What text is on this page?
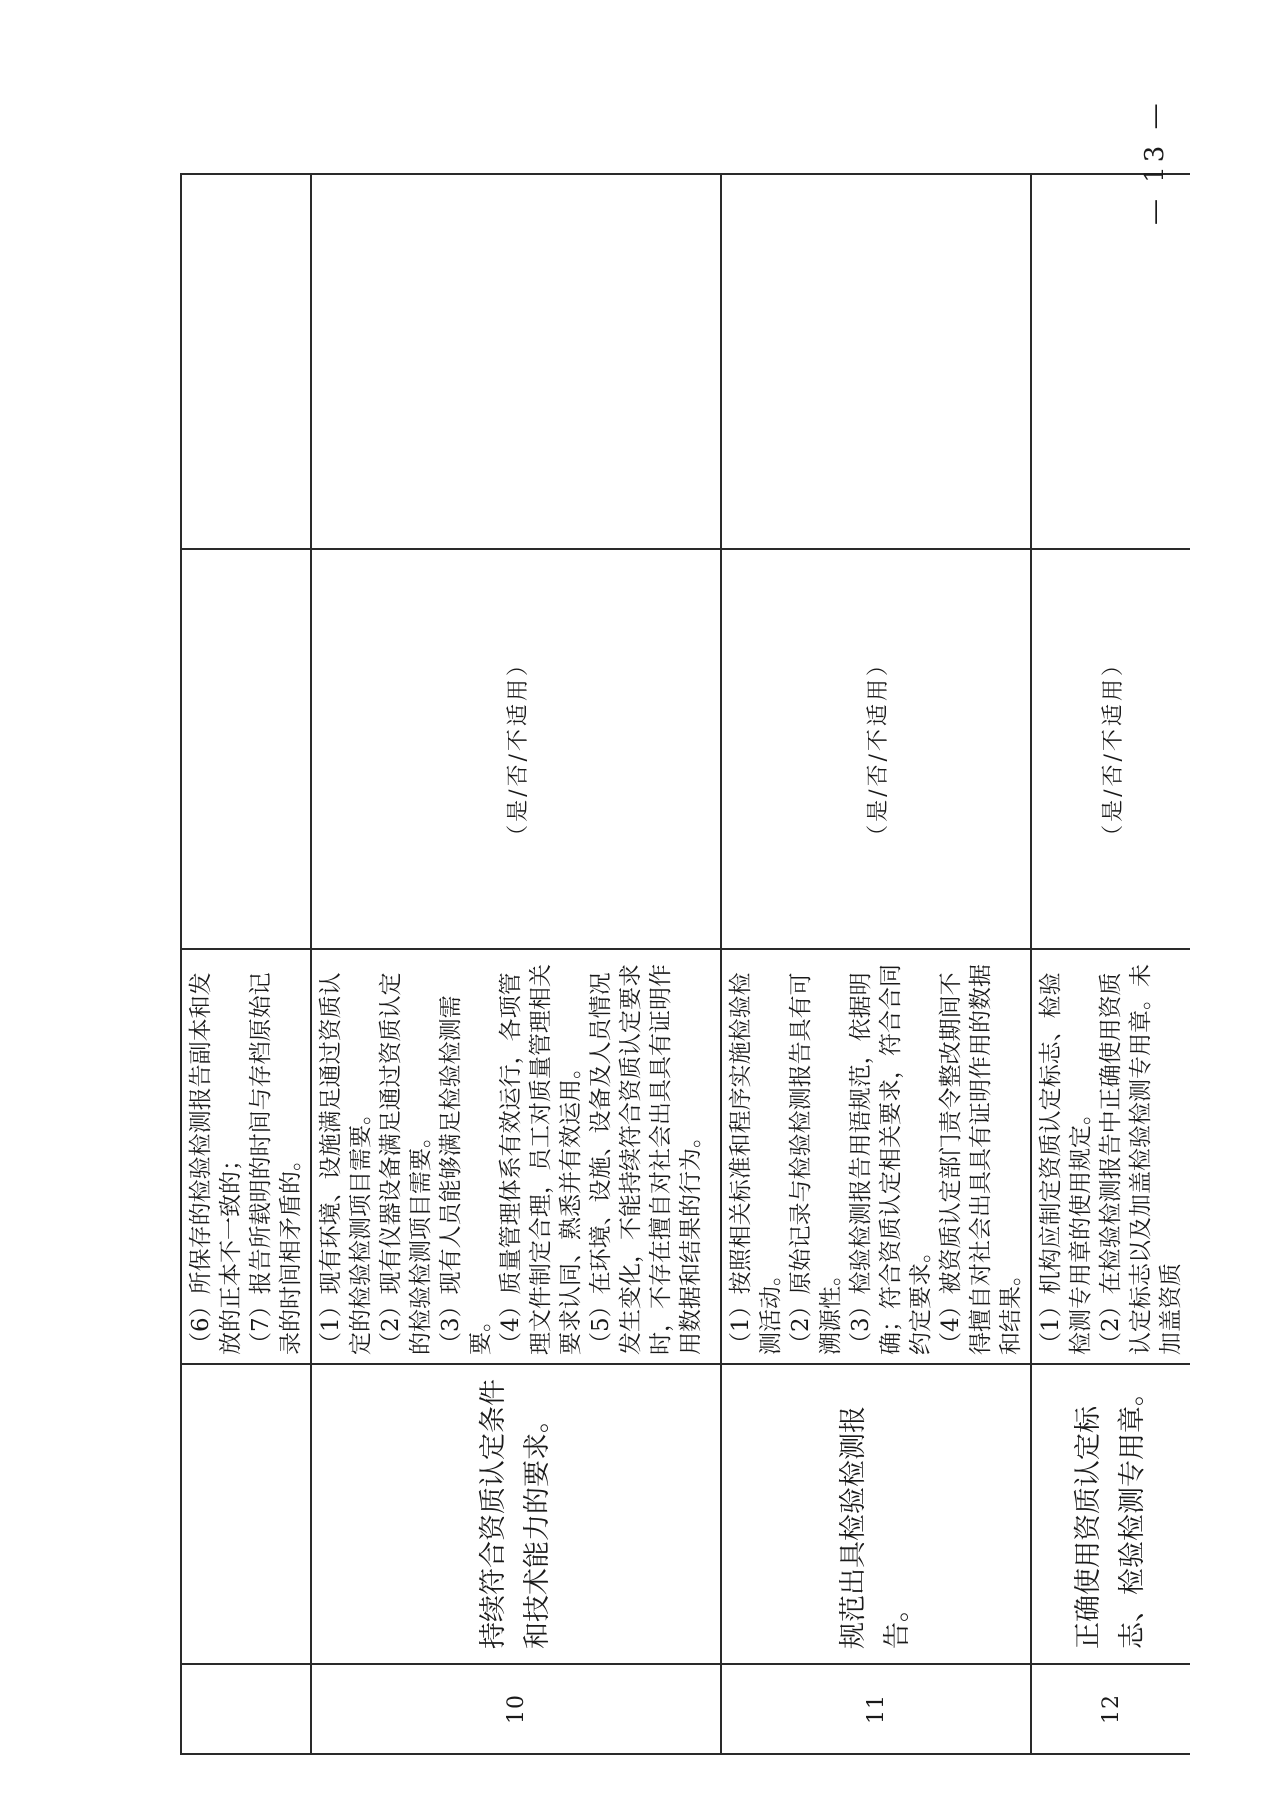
		（6）所保存的检验检测报告副本和发放的正本不一致的； （7）报告所载明的时间与存档原始记录的时间相矛盾的。		

10	持续符合资质认定条件和技术能力的要求。	（1）现有环境、设施满足通过资质认定的检验检测项目需要。 （2）现有仪器设备满足通过资质认定的检验检测项目需要。 （3）现有人员能够满足检验检测需要。 （4）质量管理体系有效运行，各项管理文件制定合理，员工对质量管理相关要求认同、熟悉并有效运用。 （5）在环境、设施、设备及人员情况发生变化，不能持续符合资质认定要求时，不存在擅自对社会出具具有证明作用数据和结果的行为。	（是/否/不适用）	
11	规范出具检验检测报告。	（1）按照相关标准和程序实施检验检测活动。 （2）原始记录与检验检测报告具有可溯源性。 （3）检验检测报告用语规范，依据明确；符合资质认定相关要求，符合合同约定要求。 （4）被资质认定部门责令整改期间不得擅自对社会出具具有证明作用的数据和结果。	（是/否/不适用）	
12	正确使用资质认定标志、检验检测专用章。	（1）机构应制定资质认定标志、检验检测专用章的使用规定。 （2）在检验检测报告中正确使用资质认定标志以及加盖检验检测专用章。未加盖资质	（是/否/不适用）	
— 13 —
